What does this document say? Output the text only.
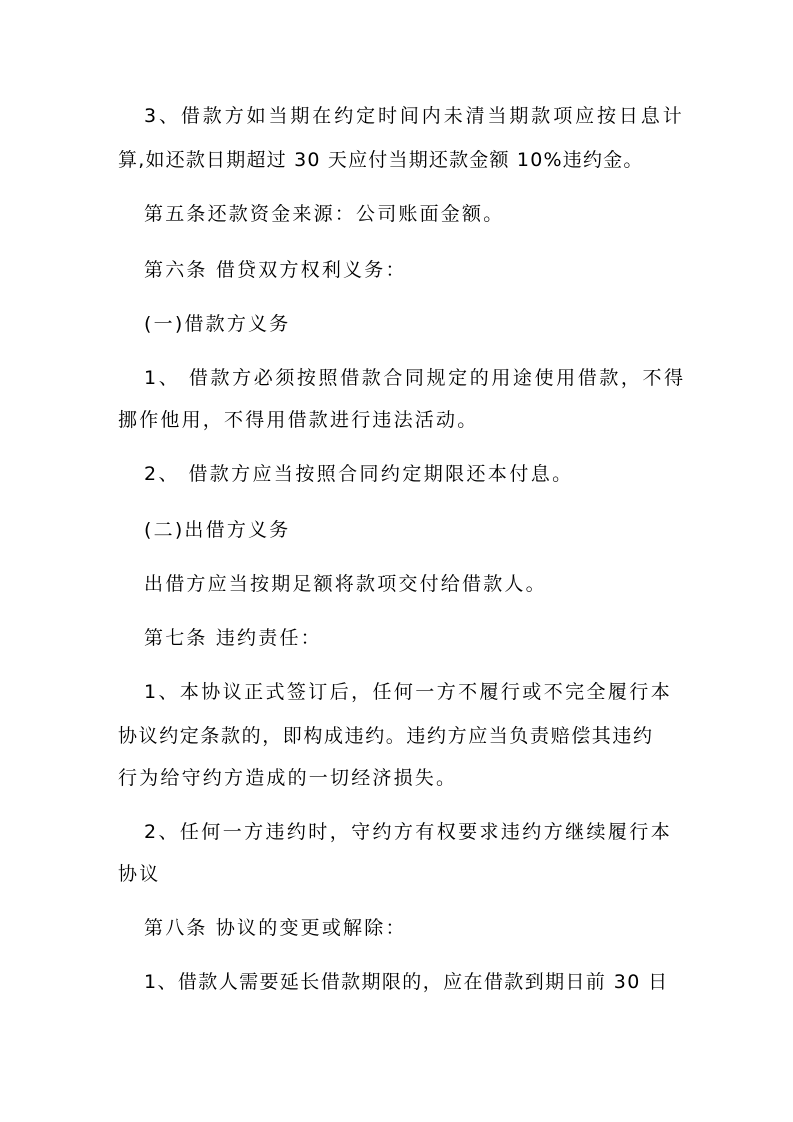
3、借款方如当期在约定时间内未清当期款项应按日息计
算,如还款日期超过 30 天应付当期还款金额 10%违约金。
第五条还款资金来源：公司账面金额。
第六条 借贷双方权利义务：
(一)借款方义务
1、 借款方必须按照借款合同规定的用途使用借款，不得
挪作他用，不得用借款进行违法活动。
2、 借款方应当按照合同约定期限还本付息。
(二)出借方义务
出借方应当按期足额将款项交付给借款人。
第七条 违约责任：
1、本协议正式签订后，任何一方不履行或不完全履行本
协议约定条款的，即构成违约。违约方应当负责赔偿其违约
行为给守约方造成的一切经济损失。
2、任何一方违约时，守约方有权要求违约方继续履行本
协议
第八条 协议的变更或解除：
1、借款人需要延长借款期限的，应在借款到期日前 30 日
